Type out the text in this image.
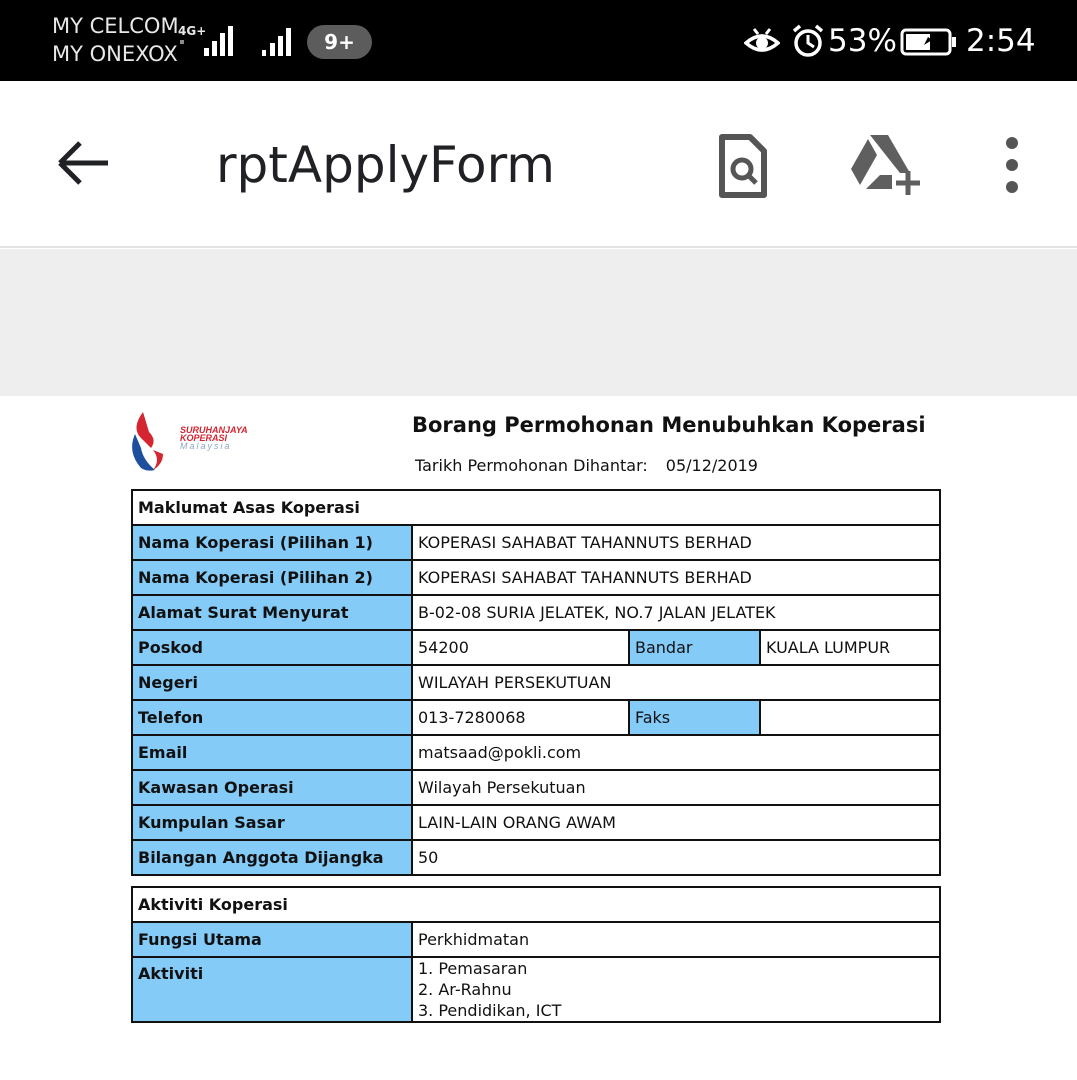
MY CELCOM
MY ONEXOX
4G+	9+	53% 2:54
rptApplyForm
SURUHANJAYA
KOPERASI
Malaysia
Borang Permohonan Menubuhkan Koperasi
Tarikh Permohonan Dihantar: 05/12/2019
Maklumat Asas Koperasi			
Nama Koperasi (Pilihan 1)	KOPERASI SAHABAT TAHANNUTS BERHAD		
Nama Koperasi (Pilihan 2)	KOPERASI SAHABAT TAHANNUTS BERHAD		
Alamat Surat Menyurat	B-02-08 SURIA JELATEK, NO.7 JALAN JELATEK		
Poskod	54200	Bandar	KUALA LUMPUR
Negeri	WILAYAH PERSEKUTUAN		
Telefon	013-7280068	Faks	
Email	matsaad@pokli.com		
Kawasan Operasi	Wilayah Persekutuan		
Kumpulan Sasar	LAIN-LAIN ORANG AWAM		
Bilangan Anggota Dijangka	50		
Aktiviti Koperasi	
Fungsi Utama	Perkhidmatan
Aktiviti	1. Pemasaran
2. Ar-Rahnu
3. Pendidikan, ICT
